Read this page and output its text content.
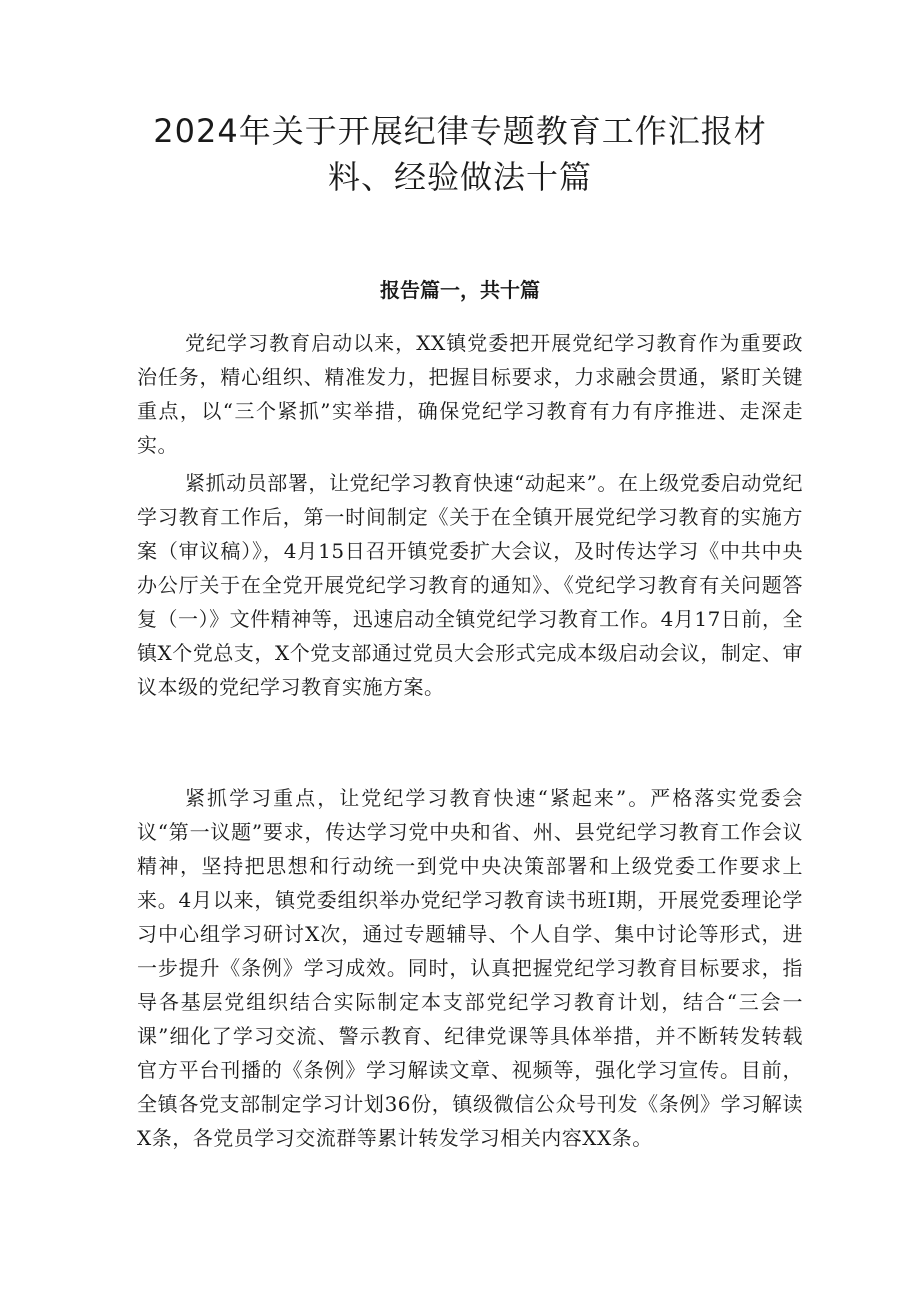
2024年关于开展纪律专题教育工作汇报材
料、经验做法十篇
报告篇一，共十篇

党纪学习教育启动以来，XX镇党委把开展党纪学习教育作为重要政治任务，精心组织、精准发力，把握目标要求，力求融会贯通，紧盯关键重点，以“三个紧抓”实举措，确保党纪学习教育有力有序推进、走深走实。

紧抓动员部署，让党纪学习教育快速“动起来”。在上级党委启动党纪学习教育工作后，第一时间制定《关于在全镇开展党纪学习教育的实施方案（审议稿）》，4月15日召开镇党委扩大会议，及时传达学习《中共中央办公厅关于在全党开展党纪学习教育的通知》、《党纪学习教育有关问题答复（一）》文件精神等，迅速启动全镇党纪学习教育工作。4月17日前，全镇X个党总支，X个党支部通过党员大会形式完成本级启动会议，制定、审议本级的党纪学习教育实施方案。

紧抓学习重点，让党纪学习教育快速“紧起来”。严格落实党委会议“第一议题”要求，传达学习党中央和省、州、县党纪学习教育工作会议精神，坚持把思想和行动统一到党中央决策部署和上级党委工作要求上来。4月以来，镇党委组织举办党纪学习教育读书班I期，开展党委理论学习中心组学习研讨X次，通过专题辅导、个人自学、集中讨论等形式，进一步提升《条例》学习成效。同时，认真把握党纪学习教育目标要求，指导各基层党组织结合实际制定本支部党纪学习教育计划，结合“三会一课”细化了学习交流、警示教育、纪律党课等具体举措，并不断转发转载官方平台刊播的《条例》学习解读文章、视频等，强化学习宣传。目前，全镇各党支部制定学习计划36份，镇级微信公众号刊发《条例》学习解读X条，各党员学习交流群等累计转发学习相关内容XX条。
